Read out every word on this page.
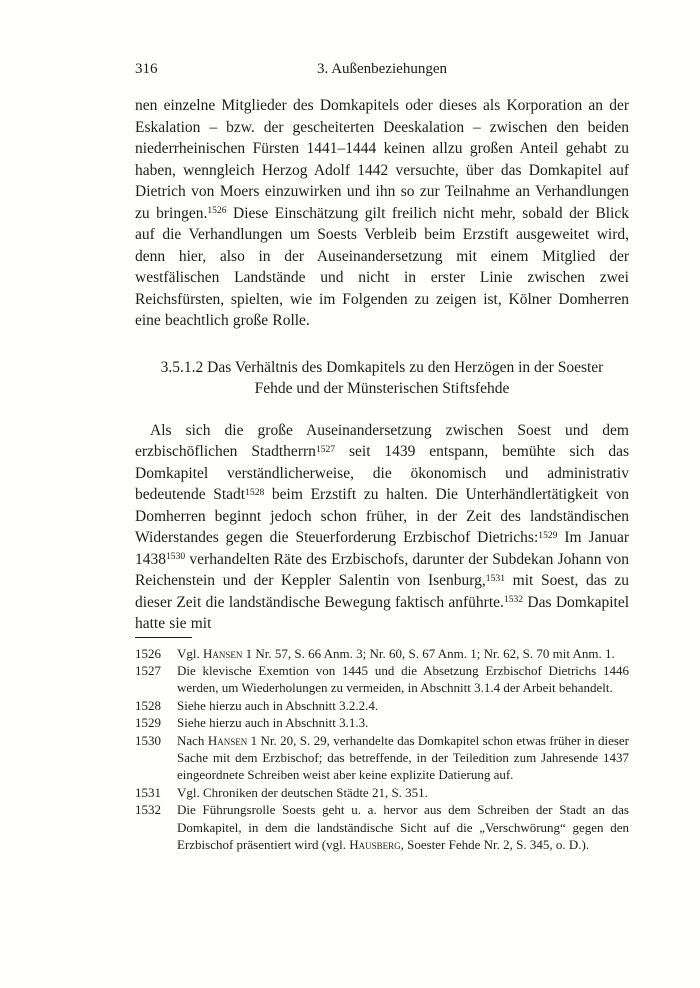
316	3. Außenbeziehungen

nen einzelne Mitglieder des Domkapitels oder dieses als Korporation an der Eskalation – bzw. der gescheiterten Deeskalation – zwischen den beiden niederrheinischen Fürsten 1441–1444 keinen allzu großen Anteil gehabt zu haben, wenngleich Herzog Adolf 1442 versuchte, über das Domkapitel auf Dietrich von Moers einzuwirken und ihn so zur Teilnahme an Verhandlungen zu bringen.$^{1526}$ Diese Einschätzung gilt freilich nicht mehr, sobald der Blick auf die Verhandlungen um Soests Verbleib beim Erzstift ausgeweitet wird, denn hier, also in der Auseinandersetzung mit einem Mitglied der westfälischen Landstände und nicht in erster Linie zwischen zwei Reichsfürsten, spielten, wie im Folgenden zu zeigen ist, Kölner Domherren eine beachtlich große Rolle.

3.5.1.2 Das Verhältnis des Domkapitels zu den Herzögen in der Soester
Fehde und der Münsterischen Stiftsfehde

Als sich die große Auseinandersetzung zwischen Soest und dem erzbischöflichen Stadtherrn$^{1527}$ seit 1439 entspann, bemühte sich das Domkapitel verständlicherweise, die ökonomisch und administrativ bedeutende Stadt$^{1528}$ beim Erzstift zu halten. Die Unterhändlertätigkeit von Domherren beginnt jedoch schon früher, in der Zeit des landständischen Widerstandes gegen die Steuerforderung Erzbischof Dietrichs:$^{1529}$ Im Januar 1438$^{1530}$ verhandelten Räte des Erzbischofs, darunter der Subdekan Johann von Reichenstein und der Keppler Salentin von Isenburg,$^{1531}$ mit Soest, das zu dieser Zeit die landständische Bewegung faktisch anführte.$^{1532}$ Das Domkapitel hatte sie mit

1526	Vgl. Hansen 1 Nr. 57, S. 66 Anm. 3; Nr. 60, S. 67 Anm. 1; Nr. 62, S. 70 mit Anm. 1.
1527	Die klevische Exemtion von 1445 und die Absetzung Erzbischof Dietrichs 1446 werden, um Wiederholungen zu vermeiden, in Abschnitt 3.1.4 der Arbeit behandelt.
1528	Siehe hierzu auch in Abschnitt 3.2.2.4.
1529	Siehe hierzu auch in Abschnitt 3.1.3.
1530	Nach Hansen 1 Nr. 20, S. 29, verhandelte das Domkapitel schon etwas früher in dieser Sache mit dem Erzbischof; das betreffende, in der Teiledition zum Jahresende 1437 eingeordnete Schreiben weist aber keine explizite Datierung auf.
1531	Vgl. Chroniken der deutschen Städte 21, S. 351.
1532	Die Führungsrolle Soests geht u. a. hervor aus dem Schreiben der Stadt an das Domkapitel, in dem die landständische Sicht auf die „Verschwörung“ gegen den Erzbischof präsentiert wird (vgl. Hausberg, Soester Fehde Nr. 2, S. 345, o. D.).
